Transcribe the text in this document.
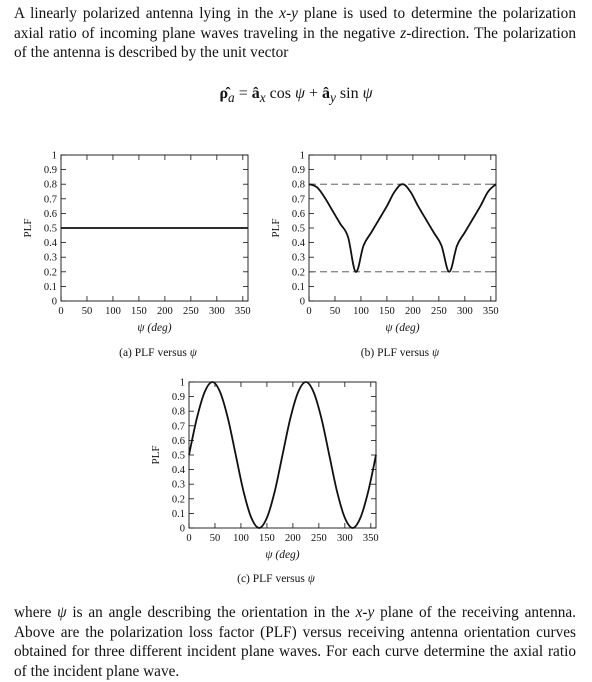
A linearly polarized antenna lying in the x-y plane is used to determine the polarization axial ratio of incoming plane waves traveling in the negative z-direction. The polarization of the antenna is described by the unit vector

$\rhô_a$ = $â_x$ $\cos \psi + â_y$ sin ψ
0
0.1
0.2
0.3
0.4
0.5
0.6
0.7
0.8
0.9
1
0 50 100 150 200 250 300 350
ψ (deg)
PLF
0
0.1
0.2
0.3
0.4
0.5
0.6
0.7
0.8
0.9
1
0 50 100 150 200 250 300 350
ψ (deg)
PLF
0
0.1
0.2
0.3
0.4
0.5
0.6
0.7
0.8
0.9
1
0 50 100 150 200 250 300 350
ψ (deg)
PLF
(a) PLF versus ψ	(b) PLF versus ψ
(c) PLF versus ψ

where ψ is an angle describing the orientation in the x-y plane of the receiving antenna. Above are the polarization loss factor (PLF) versus receiving antenna orientation curves obtained for three different incident plane waves. For each curve determine the axial ratio of the incident plane wave.
